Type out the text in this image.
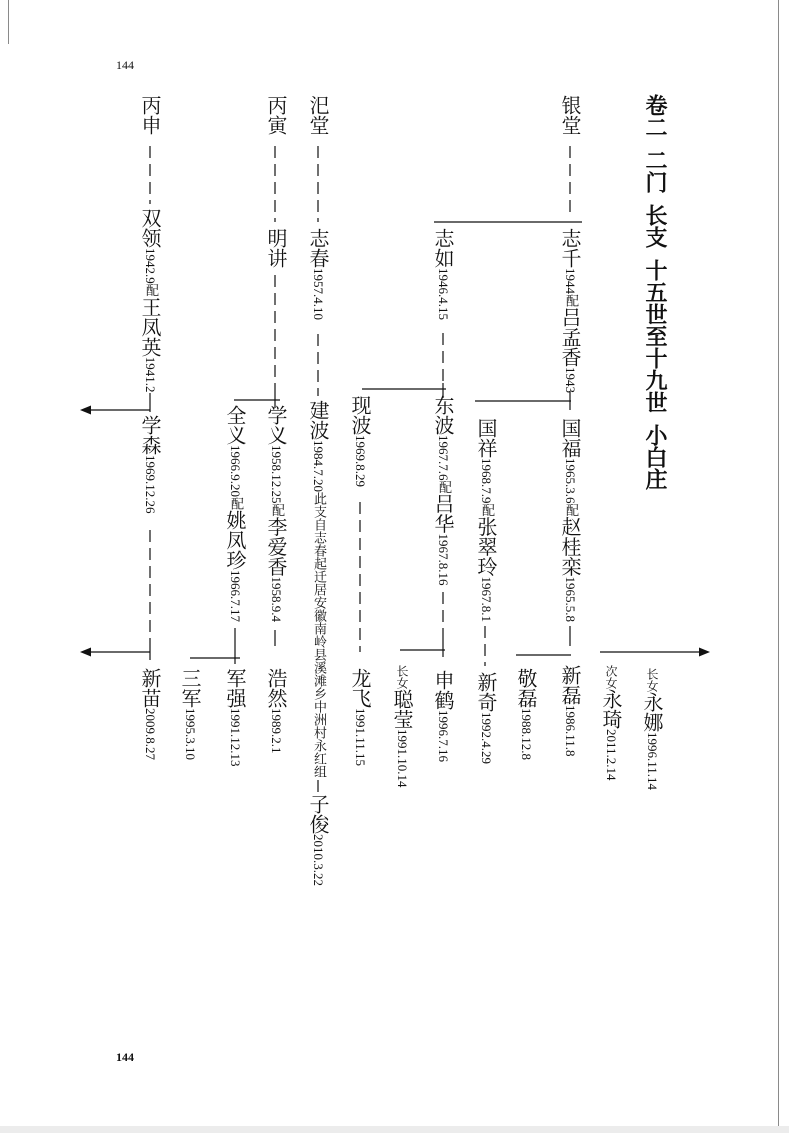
144
144
卷二二门长支十五世至十九世小白庄
银堂
志千1944配吕孟香1943
国福1965.3.6配赵桂栾1965.5.8
新磊1986.11.8
长女永娜1996.11.14
次女永琦2011.2.14
敬磊1988.12.8
国祥1968.7.9配张翠玲1967.8.1
新奇1992.4.29
志如1946.4.15
东波1967.7.6配吕华1967.8.16
申鹤1996.7.16
长女聪莹1991.10.14
现波1969.8.29
龙飞1991.11.15
汜堂
志春1957.4.10
建波1984.7.20此支自志春起迁居安徽南岭县溪滩乡中洲村永红组
子俊2010.3.22
丙寅
明讲
学义1958.12.25配李爱香1958.9.4
浩然1989.2.1
全义1966.9.20配姚凤珍1966.7.17
军强1991.12.13
三军1995.3.10
丙申
双领1942.9配王凤英1941.2
学森1969.12.26
新苗2009.8.27
